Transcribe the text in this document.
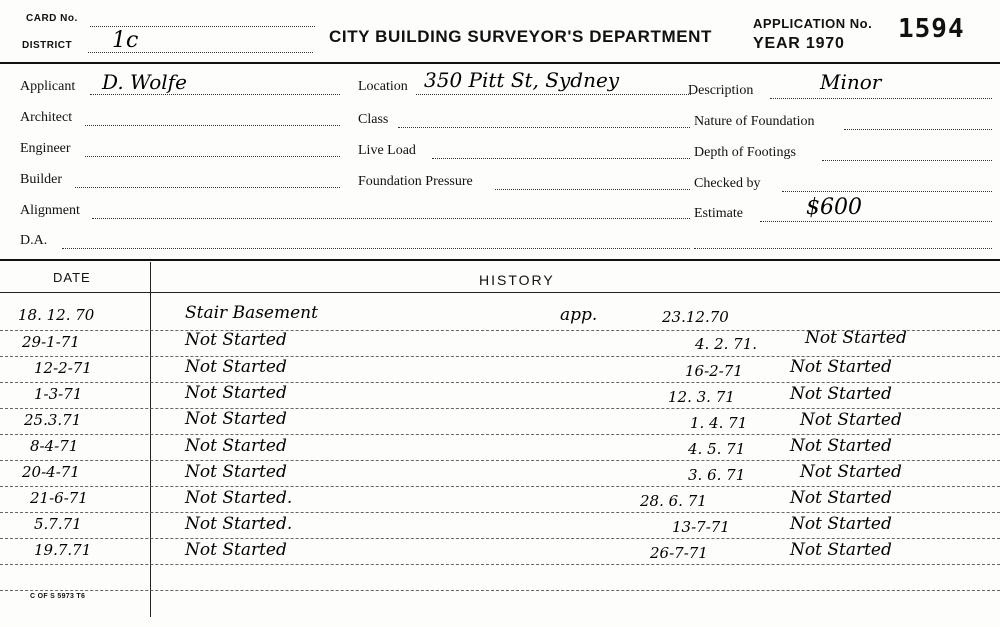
CARD No.
DISTRICT 1c	CITY BUILDING SURVEYOR'S DEPARTMENT
APPLICATION No.
YEAR 1970 1594
Applicant D. Wolfe	Location 350 Pitt St, Sydney	Description	Minor
Architect	Class	Nature of Foundation
Engineer	Live Load	Depth of Footings
Builder	Foundation Pressure	Checked by
Alignment	Estimate	$600
D.A.
DATE	HISTORY
18. 12. 70	Stair Basement	app.	23.12.70
29-1-71	Not Started	4. 2. 71.	Not Started
12-2-71	Not Started	16-2-71	Not Started
1-3-71	Not Started	12. 3. 71	Not Started
25.3.71	Not Started	1. 4. 71	Not Started
8-4-71	Not Started	4. 5. 71	Not Started
20-4-71	Not Started	3. 6. 71	Not Started
21-6-71	Not Started.	28. 6. 71	Not Started
5.7.71	Not Started.	13-7-71	Not Started
19.7.71	Not Started	26-7-71	Not Started
C OF S 5973 T6
